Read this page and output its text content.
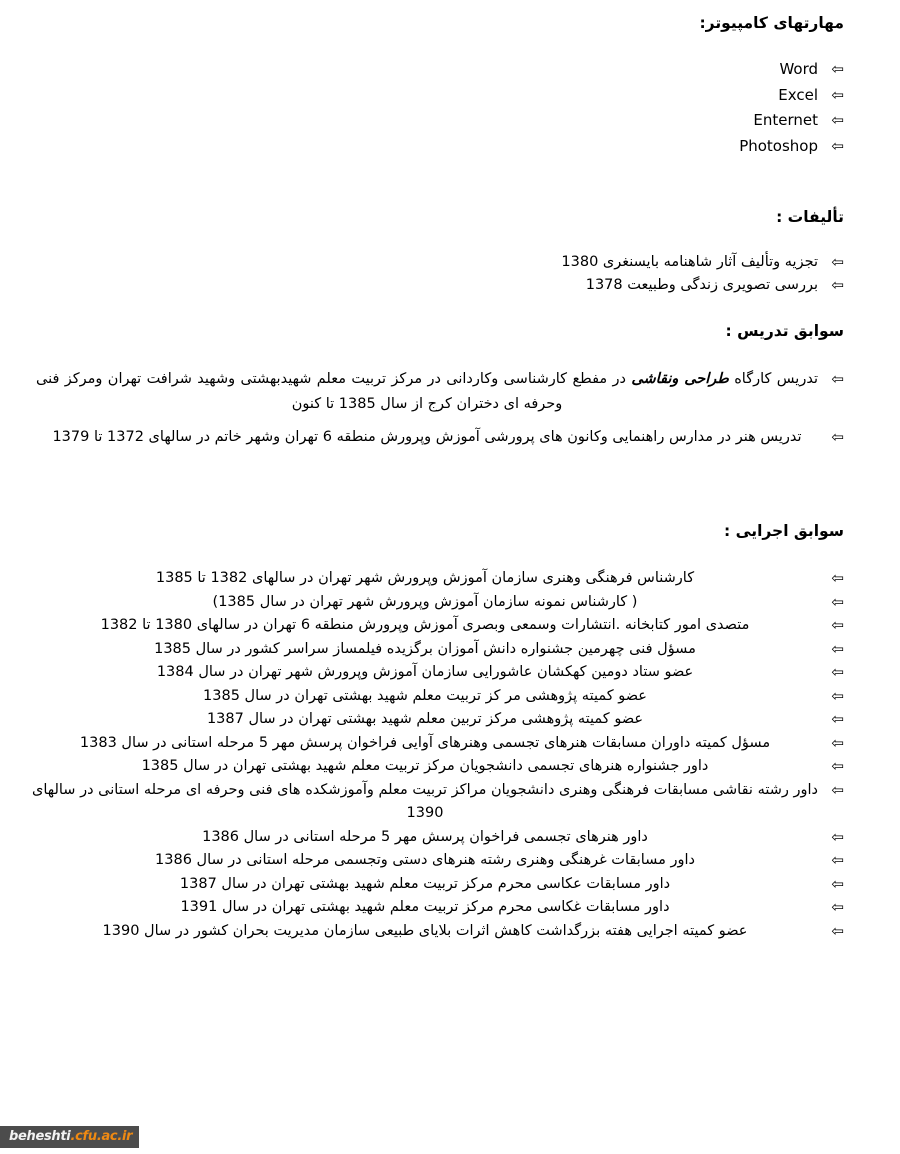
مهارتهای کامپیوتر:
⇦
Word
⇦
Excel
⇦
Enternet
⇦
Photoshop
تألیفات :
⇦
تجزیه وتألیف آثار شاهنامه بایسنغری 1380
⇦
بررسی تصویری زندگی وطبیعت 1378
سوابق تدریس :
⇦
تدریس کارگاه طراحی ونقاشی در مفطع کارشناسی وکاردانی در مرکز تربیت معلم شهیدبهشتی وشهید شرافت تهران ومرکز فنی وحرفه ای دختران کرج از سال 1385 تا کنون
⇦
تدریس هنر در مدارس راهنمایی وکانون های پرورشی آموزش وپرورش منطقه 6 تهران وشهر خاتم در سالهای 1372 تا 1379
سوابق اجرایی :
⇦
کارشناس فرهنگی وهنری سازمان آموزش وپرورش شهر تهران در سالهای 1382 تا 1385
⇦
( کارشناس نمونه سازمان آموزش وپرورش شهر تهران در سال 1385)
⇦
متصدی امور کتابخانه .انتشارات وسمعی وبصری آموزش وپرورش منطقه 6 تهران در سالهای 1380 تا 1382
⇦
مسؤل فنی چهرمین جشنواره دانش آموزان برگزیده فیلمساز سراسر کشور در سال 1385
⇦
عضو ستاد دومین کهکشان عاشورایی سازمان آموزش وپرورش شهر تهران در سال 1384
⇦
عضو کمیته پژوهشی مر کز تربیت معلم شهید بهشتی تهران در سال 1385
⇦
عضو کمیته پژوهشی مرکز تربین معلم شهید بهشتی تهران در سال 1387
⇦
مسؤل کمیته داوران مسابقات هنرهای تجسمی وهنرهای آوایی فراخوان پرسش مهر 5 مرحله استانی در سال 1383
⇦
داور جشنواره هنرهای تجسمی دانشجویان مرکز تربیت معلم شهید بهشتی تهران در سال 1385
⇦
داور رشته نقاشی مسابقات فرهنگی وهنری دانشجویان مراکز تربیت معلم وآموزشکده های فنی وحرفه ای مرحله استانی در سالهای 1390
⇦
داور هنرهای تجسمی فراخوان پرسش مهر 5 مرحله استانی در سال 1386
⇦
داور مسابقات غرهنگی وهنری رشته هنرهای دستی وتجسمی مرحله استانی در سال 1386
⇦
داور مسابقات عکاسی محرم مرکز تربیت معلم شهید بهشتی تهران در سال 1387
⇦
داور مسابقات غکاسی محرم مرکز تربیت معلم شهید بهشتی تهران در سال 1391
⇦
عضو کمیته اجرایی هفته بزرگداشت کاهش اثرات بلایای طبیعی سازمان مدیریت بحران کشور در سال 1390
beheshti.cfu.ac.ir
